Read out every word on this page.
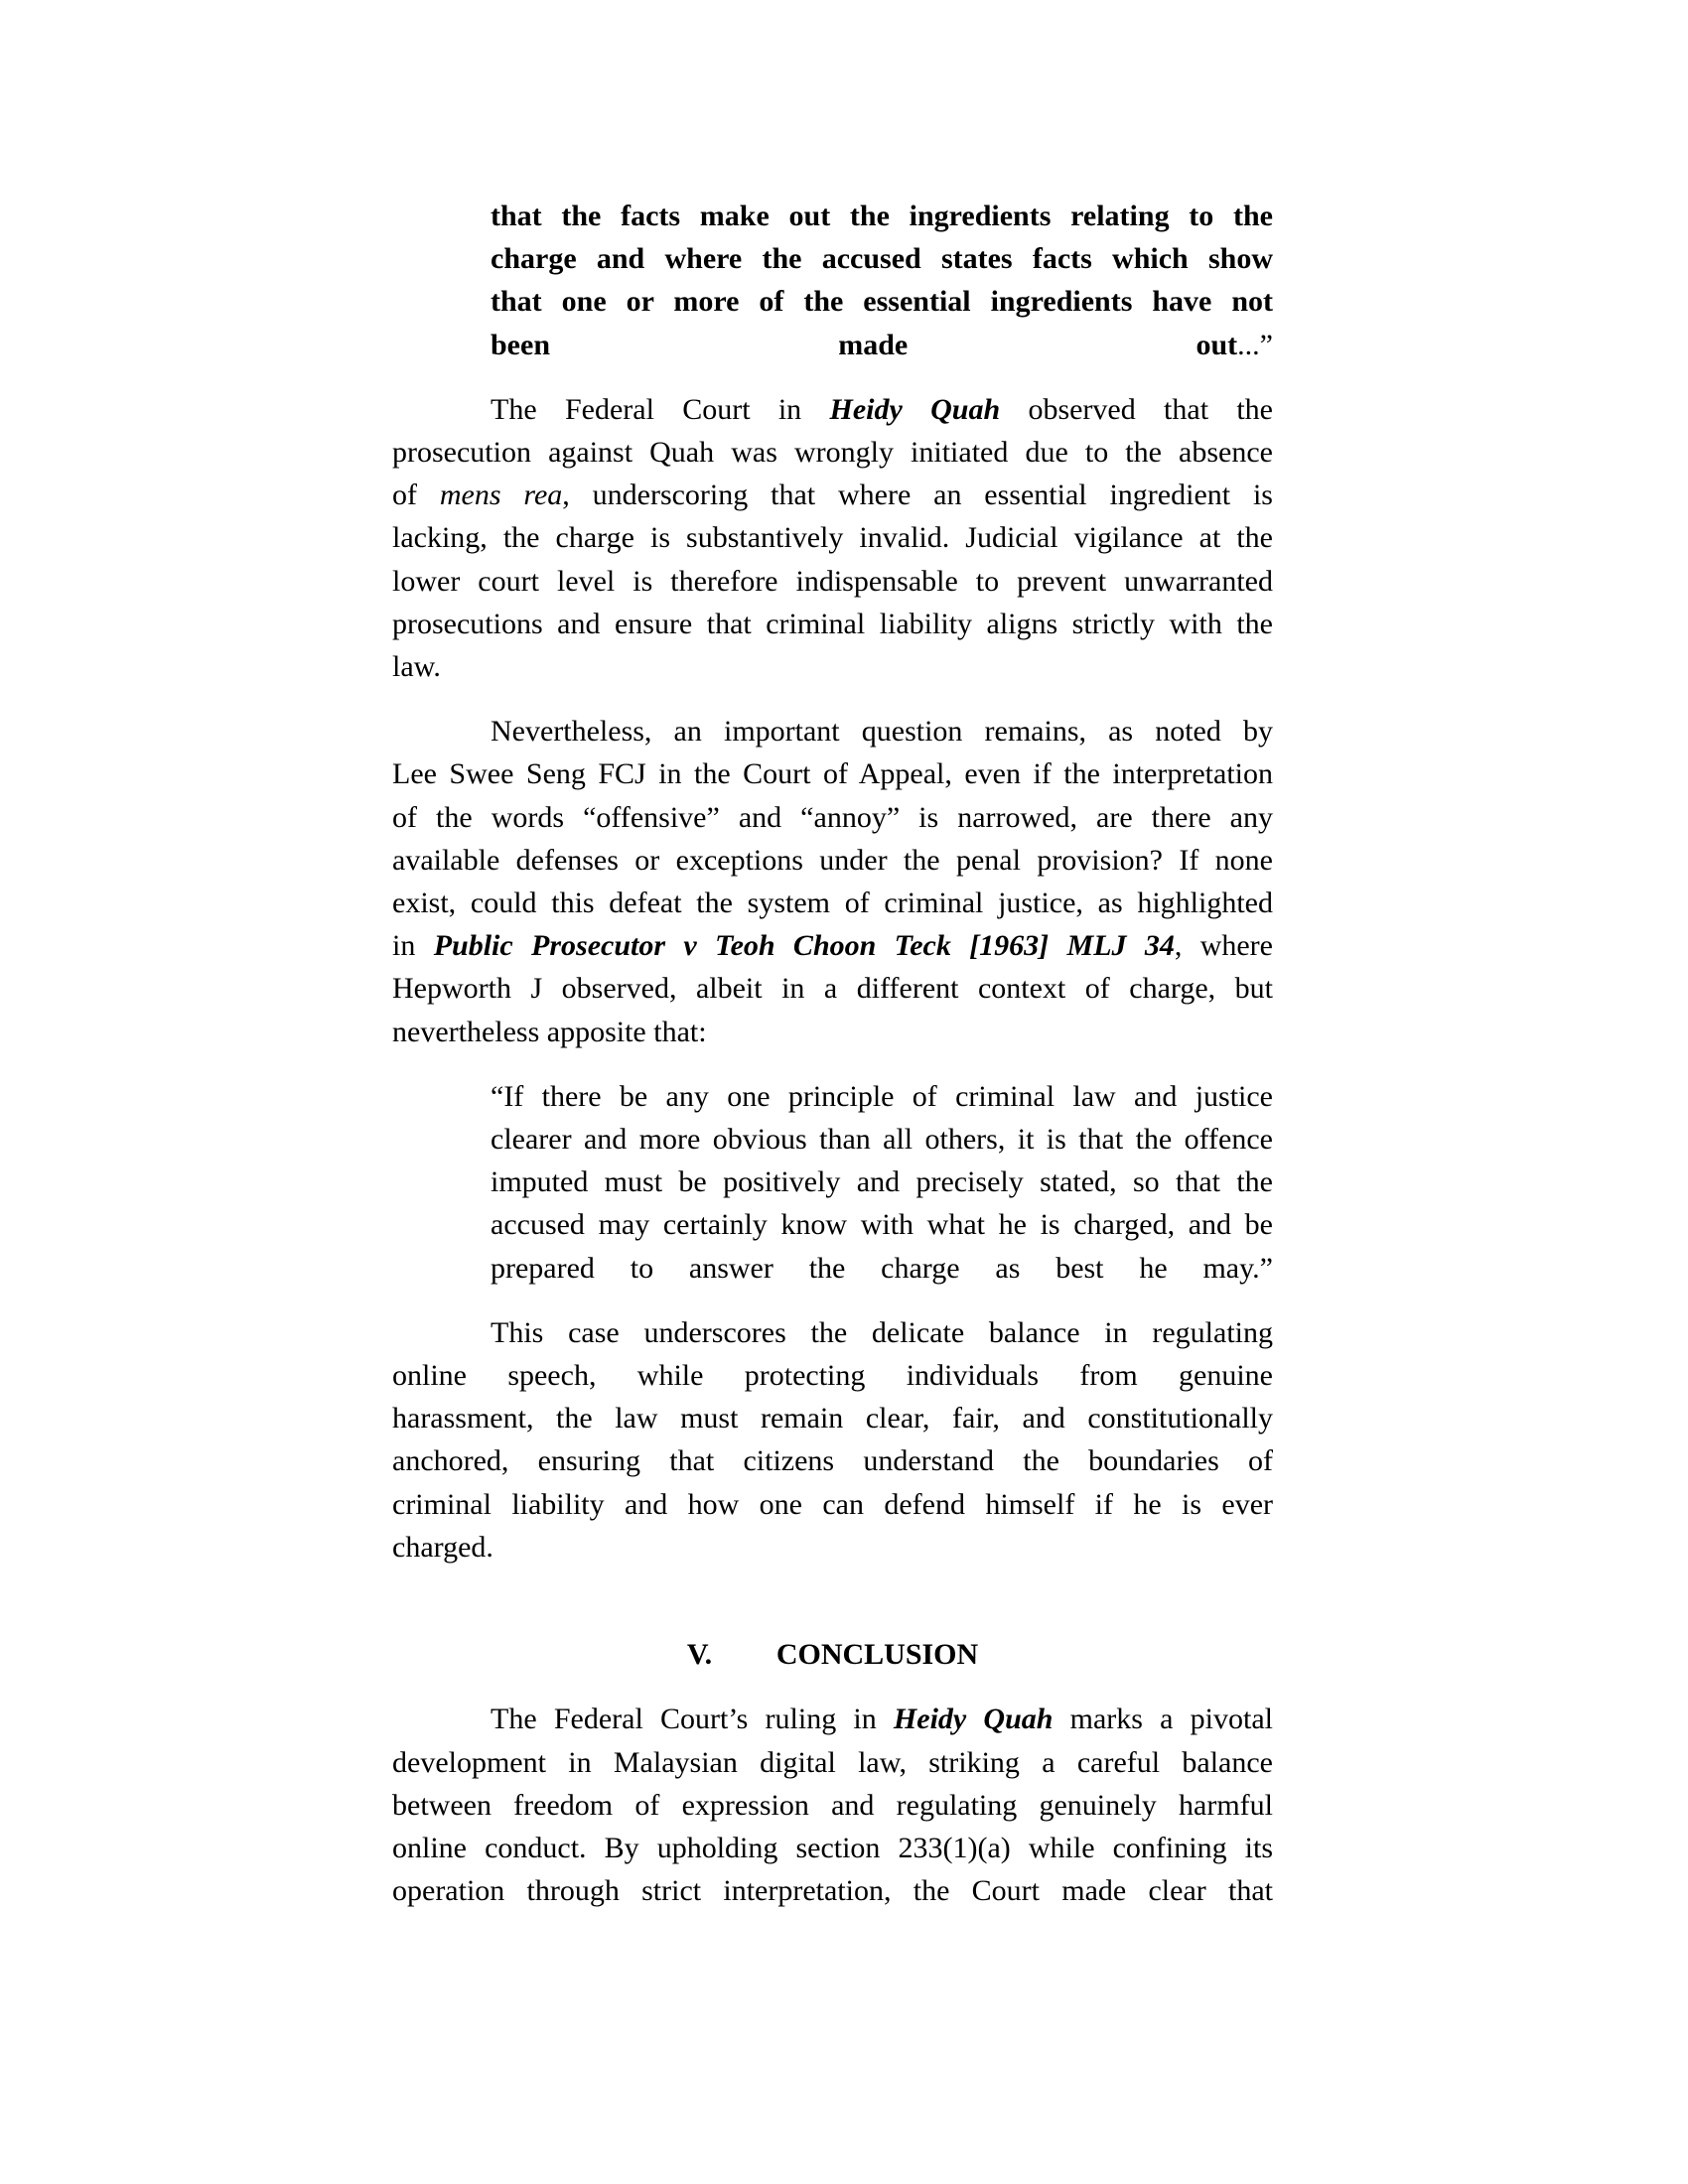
that the facts make out the ingredients relating to the
charge and where the accused states facts which show
that one or more of the essential ingredients have not
been made out...”
The Federal Court in Heidy Quah observed that the
prosecution against Quah was wrongly initiated due to the absence
of mens rea, underscoring that where an essential ingredient is
lacking, the charge is substantively invalid. Judicial vigilance at the
lower court level is therefore indispensable to prevent unwarranted
prosecutions and ensure that criminal liability aligns strictly with the
law.
Nevertheless, an important question remains, as noted by
Lee Swee Seng FCJ in the Court of Appeal, even if the interpretation
of the words “offensive” and “annoy” is narrowed, are there any
available defenses or exceptions under the penal provision? If none
exist, could this defeat the system of criminal justice, as highlighted
in Public Prosecutor v Teoh Choon Teck [1963] MLJ 34, where
Hepworth J observed, albeit in a different context of charge, but
nevertheless apposite that:
“If there be any one principle of criminal law and justice
clearer and more obvious than all others, it is that the offence
imputed must be positively and precisely stated, so that the
accused may certainly know with what he is charged, and be
prepared to answer the charge as best he may.”
This case underscores the delicate balance in regulating
online speech, while protecting individuals from genuine
harassment, the law must remain clear, fair, and constitutionally
anchored, ensuring that citizens understand the boundaries of
criminal liability and how one can defend himself if he is ever
charged.
V. CONCLUSION
The Federal Court’s ruling in Heidy Quah marks a pivotal
development in Malaysian digital law, striking a careful balance
between freedom of expression and regulating genuinely harmful
online conduct. By upholding section 233(1)(a) while confining its
operation through strict interpretation, the Court made clear that
